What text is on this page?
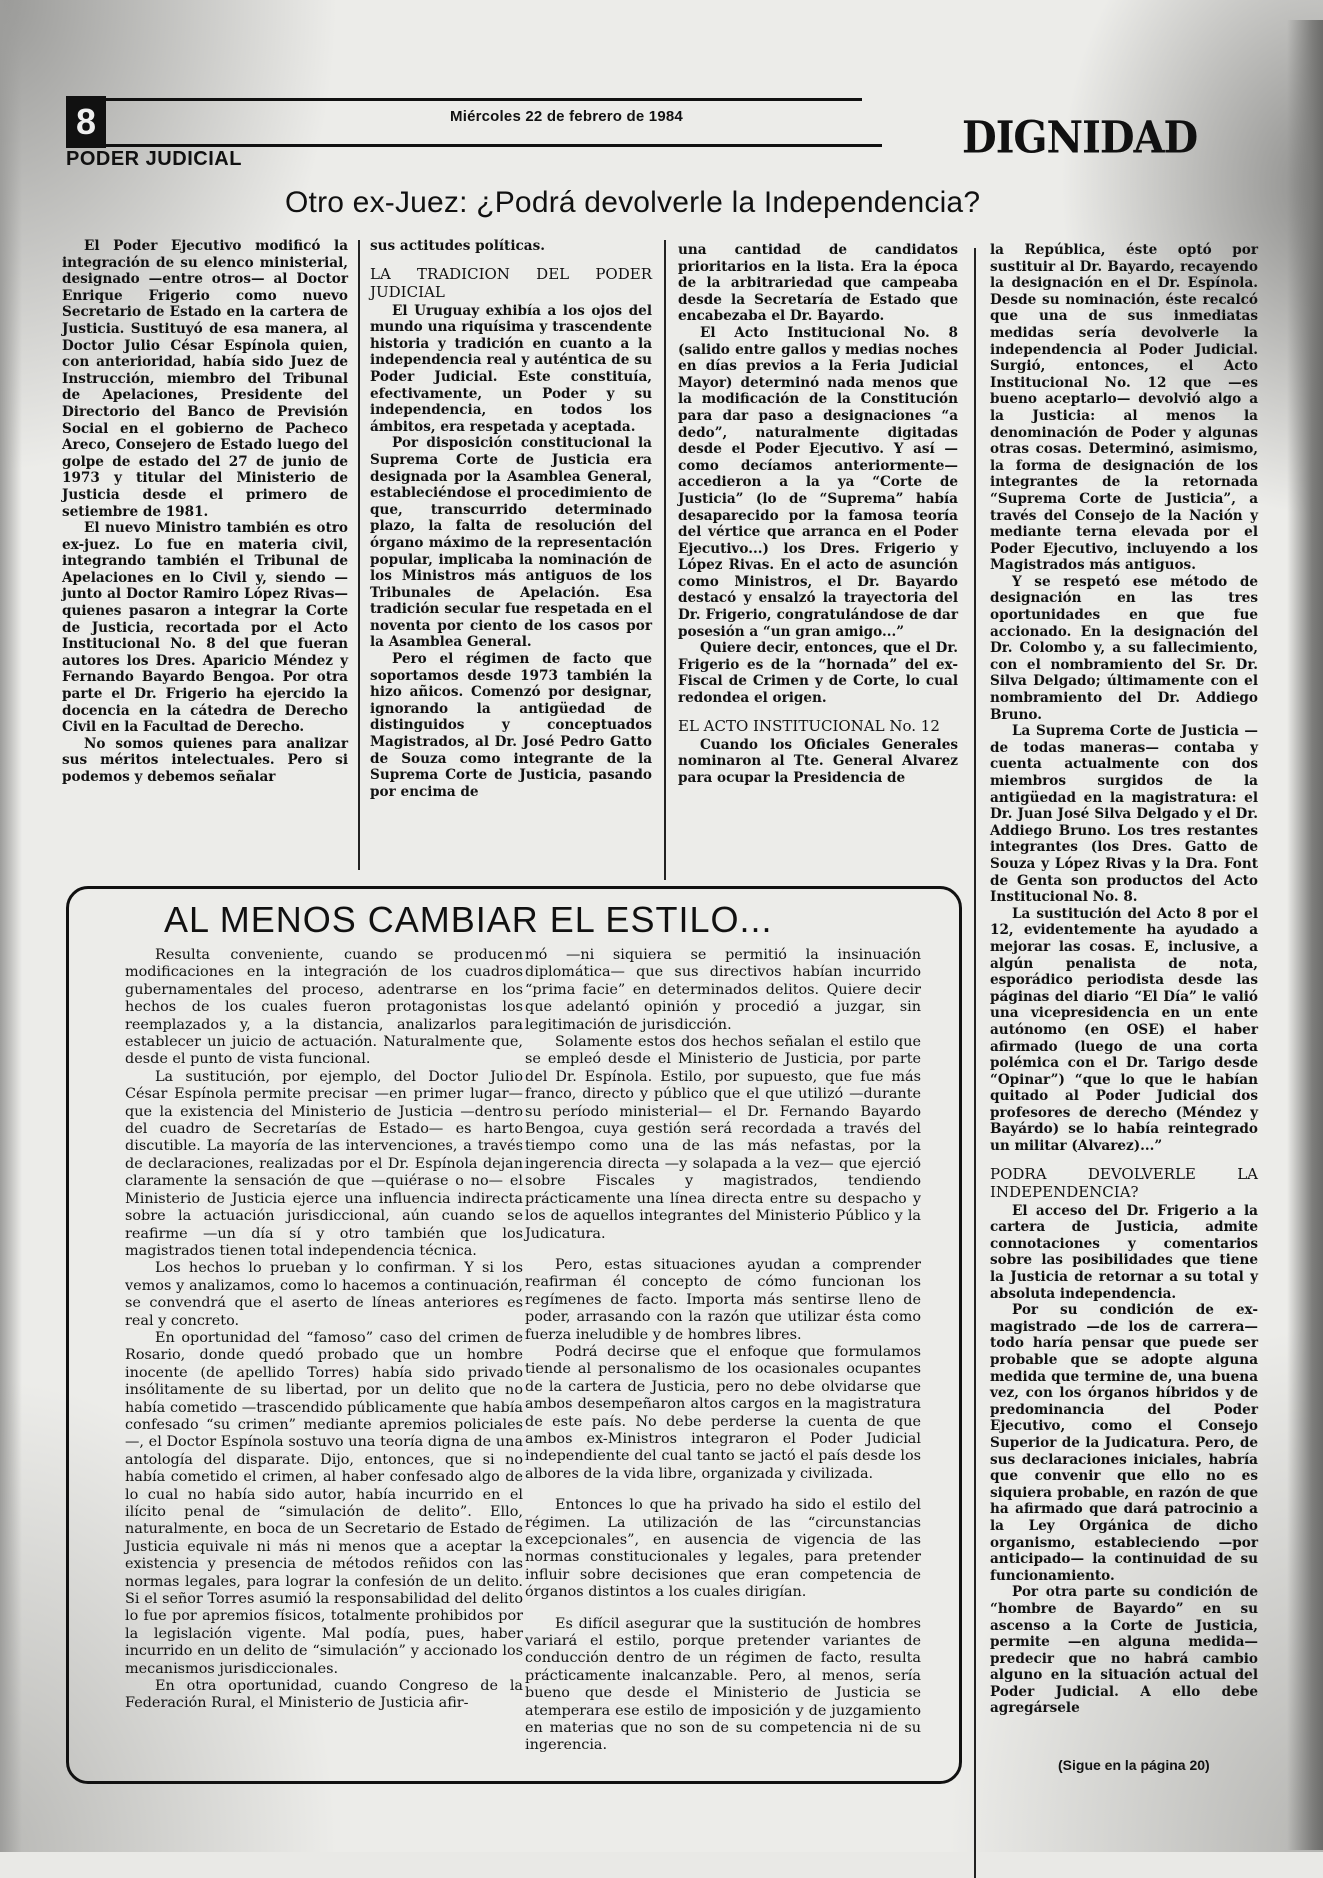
8	Miércoles 22 de febrero de 1984	DIGNIDAD
PODER JUDICIAL
Otro ex-Juez: ¿Podrá devolverle la Independencia?

El Poder Ejecutivo modificó la integración de su elenco ministerial, designado —entre otros— al Doctor Enrique Frigerio como nuevo Secretario de Estado en la cartera de Justicia. Sustituyó de esa manera, al Doctor Julio César Espínola quien, con anterioridad, había sido Juez de Instrucción, miembro del Tribunal de Apelaciones, Presidente del Directorio del Banco de Previsión Social en el gobierno de Pacheco Areco, Consejero de Estado luego del golpe de estado del 27 de junio de 1973 y titular del Ministerio de Justicia desde el primero de setiembre de 1981.

El nuevo Ministro también es otro ex-juez. Lo fue en materia civil, integrando también el Tribunal de Apelaciones en lo Civil y, siendo —junto al Doctor Ramiro López Rivas— quienes pasaron a integrar la Corte de Justicia, recortada por el Acto Institucional No. 8 del que fueran autores los Dres. Aparicio Méndez y Fernando Bayardo Bengoa. Por otra parte el Dr. Frigerio ha ejercido la docencia en la cátedra de Derecho Civil en la Facultad de Derecho.

No somos quienes para analizar sus méritos intelectuales. Pero si podemos y debemos señalar

sus actitudes políticas.

LA TRADICION DEL PODER JUDICIAL

El Uruguay exhibía a los ojos del mundo una riquísima y trascendente historia y tradición en cuanto a la independencia real y auténtica de su Poder Judicial. Este constituía, efectivamente, un Poder y su independencia, en todos los ámbitos, era respetada y aceptada.

Por disposición constitucional la Suprema Corte de Justicia era designada por la Asamblea General, estableciéndose el procedimiento de que, transcurrido determinado plazo, la falta de resolución del órgano máximo de la representación popular, implicaba la nominación de los Ministros más antiguos de los Tribunales de Apelación. Esa tradición secular fue respetada en el noventa por ciento de los casos por la Asamblea General.

Pero el régimen de facto que soportamos desde 1973 también la hizo añicos. Comenzó por designar, ignorando la antigüedad de distinguidos y conceptuados Magistrados, al Dr. José Pedro Gatto de Souza como integrante de la Suprema Corte de Justicia, pasando por encima de

una cantidad de candidatos prioritarios en la lista. Era la época de la arbitrariedad que campeaba desde la Secretaría de Estado que encabezaba el Dr. Bayardo.

El Acto Institucional No. 8 (salido entre gallos y medias noches en días previos a la Feria Judicial Mayor) determinó nada menos que la modificación de la Constitución para dar paso a designaciones “a dedo”, naturalmente digitadas desde el Poder Ejecutivo. Y así —como decíamos anteriormente— accedieron a la ya “Corte de Justicia” (lo de “Suprema” había desaparecido por la famosa teoría del vértice que arranca en el Poder Ejecutivo...) los Dres. Frigerio y López Rivas. En el acto de asunción como Ministros, el Dr. Bayardo destacó y ensalzó la trayectoria del Dr. Frigerio, congratulándose de dar posesión a “un gran amigo...”

Quiere decir, entonces, que el Dr. Frigerio es de la “hornada” del ex-Fiscal de Crimen y de Corte, lo cual redondea el origen.

EL ACTO INSTITUCIONAL No. 12

Cuando los Oficiales Generales nominaron al Tte. General Alvarez para ocupar la Presidencia de

la República, éste optó por sustituir al Dr. Bayardo, recayendo la designación en el Dr. Espínola. Desde su nominación, éste recalcó que una de sus inmediatas medidas sería devolverle la independencia al Poder Judicial. Surgió, entonces, el Acto Institucional No. 12 que —es bueno aceptarlo— devolvió algo a la Justicia: al menos la denominación de Poder y algunas otras cosas. Determinó, asimismo, la forma de designación de los integrantes de la retornada “Suprema Corte de Justicia”, a través del Consejo de la Nación y mediante terna elevada por el Poder Ejecutivo, incluyendo a los Magistrados más antiguos.

Y se respetó ese método de designación en las tres oportunidades en que fue accionado. En la designación del Dr. Colombo y, a su fallecimiento, con el nombramiento del Sr. Dr. Silva Delgado; últimamente con el nombramiento del Dr. Addiego Bruno.

La Suprema Corte de Justicia —de todas maneras— contaba y cuenta actualmente con dos miembros surgidos de la antigüedad en la magistratura: el Dr. Juan José Silva Delgado y el Dr. Addiego Bruno. Los tres restantes integrantes (los Dres. Gatto de Souza y López Rivas y la Dra. Font de Genta son productos del Acto Institucional No. 8.

La sustitución del Acto 8 por el 12, evidentemente ha ayudado a mejorar las cosas. E, inclusive, a algún penalista de nota, esporádico periodista desde las páginas del diario “El Día” le valió una vicepresidencia en un ente autónomo (en OSE) el haber afirmado (luego de una corta polémica con el Dr. Tarigo desde “Opinar”) “que lo que le habían quitado al Poder Judicial dos profesores de derecho (Méndez y Bayárdo) se lo había reintegrado un militar (Alvarez)...”

PODRA DEVOLVERLE LA INDEPENDENCIA?

El acceso del Dr. Frigerio a la cartera de Justicia, admite connotaciones y comentarios sobre las posibilidades que tiene la Justicia de retornar a su total y absoluta independencia.

Por su condición de ex-magistrado —de los de carrera— todo haría pensar que puede ser probable que se adopte alguna medida que termine de, una buena vez, con los órganos híbridos y de predominancia del Poder Ejecutivo, como el Consejo Superior de la Judicatura. Pero, de sus declaraciones iniciales, habría que convenir que ello no es siquiera probable, en razón de que ha afirmado que dará patrocinio a la Ley Orgánica de dicho organismo, estableciendo —por anticipado— la continuidad de su funcionamiento.

Por otra parte su condición de “hombre de Bayardo” en su ascenso a la Corte de Justicia, permite —en alguna medida— predecir que no habrá cambio alguno en la situación actual del Poder Judicial. A ello debe agregársele

(Sigue en la página 20)
AL MENOS CAMBIAR EL ESTILO...

Resulta conveniente, cuando se producen modificaciones en la integración de los cuadros gubernamentales del proceso, adentrarse en los hechos de los cuales fueron protagonistas los reemplazados y, a la distancia, analizarlos para establecer un juicio de actuación. Naturalmente que, desde el punto de vista funcional.

La sustitución, por ejemplo, del Doctor Julio César Espínola permite precisar —en primer lugar— que la existencia del Ministerio de Justicia —dentro del cuadro de Secretarías de Estado— es harto discutible. La mayoría de las intervenciones, a través de declaraciones, realizadas por el Dr. Espínola dejan claramente la sensación de que —quiérase o no— el Ministerio de Justicia ejerce una influencia indirecta sobre la actuación jurisdiccional, aún cuando se reafirme —un día sí y otro también que los magistrados tienen total independencia técnica.

Los hechos lo prueban y lo confirman. Y si los vemos y analizamos, como lo hacemos a continuación, se convendrá que el aserto de líneas anteriores es real y concreto.

En oportunidad del “famoso” caso del crimen de Rosario, donde quedó probado que un hombre inocente (de apellido Torres) había sido privado insólitamente de su libertad, por un delito que no había cometido —trascendido públicamente que había confesado “su crimen” mediante apremios policiales—, el Doctor Espínola sostuvo una teoría digna de una antología del disparate. Dijo, entonces, que si no había cometido el crimen, al haber confesado algo de lo cual no había sido autor, había incurrido en el ilícito penal de “simulación de delito”. Ello, naturalmente, en boca de un Secretario de Estado de Justicia equivale ni más ni menos que a aceptar la existencia y presencia de métodos reñidos con las normas legales, para lograr la confesión de un delito. Si el señor Torres asumió la responsabilidad del delito lo fue por apremios físicos, totalmente prohibidos por la legislación vigente. Mal podía, pues, haber incurrido en un delito de “simulación” y accionado los mecanismos jurisdiccionales.

En otra oportunidad, cuando Congreso de la Federación Rural, el Ministerio de Justicia afir-

mó —ni siquiera se permitió la insinuación diplomática— que sus directivos habían incurrido “prima facie” en determinados delitos. Quiere decir que adelantó opinión y procedió a juzgar, sin legitimación de jurisdicción.

Solamente estos dos hechos señalan el estilo que se empleó desde el Ministerio de Justicia, por parte del Dr. Espínola. Estilo, por supuesto, que fue más franco, directo y público que el que utilizó —durante su período ministerial— el Dr. Fernando Bayardo Bengoa, cuya gestión será recordada a través del tiempo como una de las más nefastas, por la ingerencia directa —y solapada a la vez— que ejerció sobre Fiscales y magistrados, tendiendo prácticamente una línea directa entre su despacho y los de aquellos integrantes del Ministerio Público y la Judicatura.

Pero, estas situaciones ayudan a comprender reafirman él concepto de cómo funcionan los regímenes de facto. Importa más sentirse lleno de poder, arrasando con la razón que utilizar ésta como fuerza ineludible y de hombres libres.

Podrá decirse que el enfoque que formulamos tiende al personalismo de los ocasionales ocupantes de la cartera de Justicia, pero no debe olvidarse que ambos desempeñaron altos cargos en la magistratura de este país. No debe perderse la cuenta de que ambos ex-Ministros integraron el Poder Judicial independiente del cual tanto se jactó el país desde los albores de la vida libre, organizada y civilizada.

Entonces lo que ha privado ha sido el estilo del régimen. La utilización de las “circunstancias excepcionales”, en ausencia de vigencia de las normas constitucionales y legales, para pretender influir sobre decisiones que eran competencia de órganos distintos a los cuales dirigían.

Es difícil asegurar que la sustitución de hombres variará el estilo, porque pretender variantes de conducción dentro de un régimen de facto, resulta prácticamente inalcanzable. Pero, al menos, sería bueno que desde el Ministerio de Justicia se atemperara ese estilo de imposición y de juzgamiento en materias que no son de su competencia ni de su ingerencia.
